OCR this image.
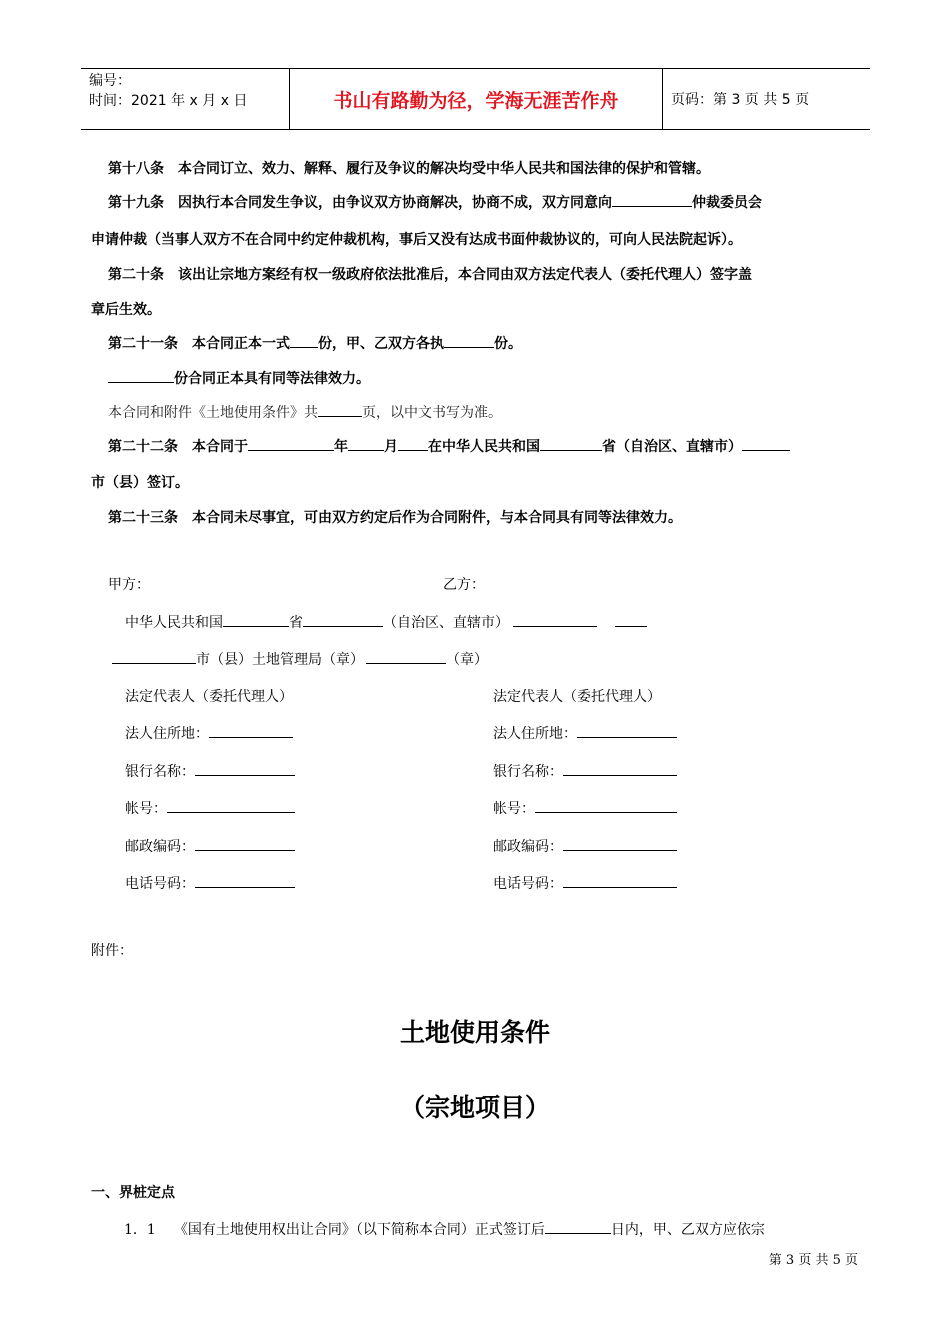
编号：
时间：2021 年 x 月 x 日	书山有路勤为径，学海无涯苦作舟	页码：第 3 页 共 5 页
第十八条 本合同订立、效力、解释、履行及争议的解决均受中华人民共和国法律的保护和管辖。
第十九条 因执行本合同发生争议，由争议双方协商解决，协商不成，双方同意向	仲裁委员会
申请仲裁（当事人双方不在合同中约定仲裁机构，事后又没有达成书面仲裁协议的，可向人民法院起诉）。
第二十条 该出让宗地方案经有权一级政府依法批准后，本合同由双方法定代表人（委托代理人）签字盖
章后生效。
第二十一条 本合同正本一式 份，甲、乙双方各执	份。
份合同正本具有同等法律效力。
本合同和附件《土地使用条件》共	页，以中文书写为准。
第二十二条 本合同于	年	月 在中华人民共和国	省（自治区、直辖市）
市（县）签订。
第二十三条 本合同未尽事宜，可由双方约定后作为合同附件，与本合同具有同等法律效力。
甲方：	乙方：
中华人民共和国	省	（自治区、直辖市）
市（县）土地管理局（章）	（章）
法定代表人（委托代理人）	法定代表人（委托代理人）
法人住所地：	法人住所地：
银行名称：	银行名称：
帐号：	帐号：
邮政编码：	邮政编码：
电话号码：	电话号码：
附件：
土地使用条件
（宗地项目）
一、界桩定点
1．1 《国有土地使用权出让合同》（以下简称本合同）正式签订后	日内，甲、乙双方应依宗
第 3 页 共 5 页
